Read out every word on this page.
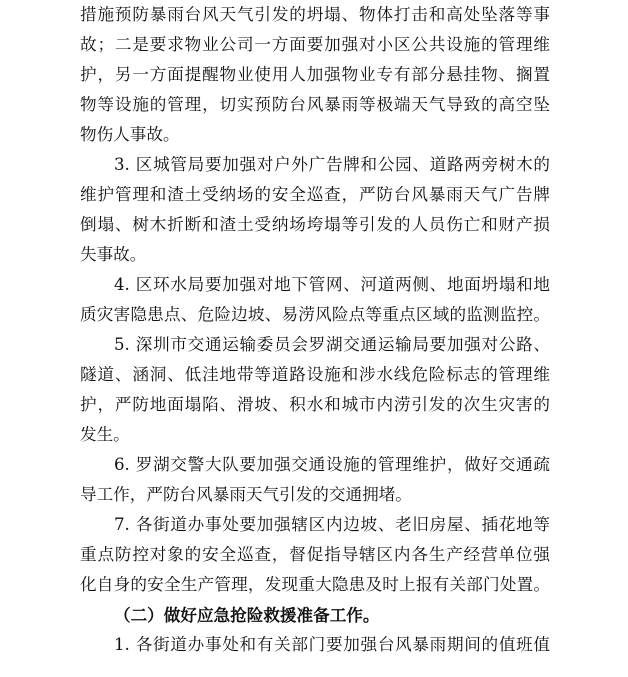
措施预防暴雨台风天气引发的坍塌、物体打击和高处坠落等事
故；二是要求物业公司一方面要加强对小区公共设施的管理维
护，另一方面提醒物业使用人加强物业专有部分悬挂物、搁置
物等设施的管理，切实预防台风暴雨等极端天气导致的高空坠
物伤人事故。
3. 区城管局要加强对户外广告牌和公园、道路两旁树木的
维护管理和渣土受纳场的安全巡查，严防台风暴雨天气广告牌
倒塌、树木折断和渣土受纳场垮塌等引发的人员伤亡和财产损
失事故。
4. 区环水局要加强对地下管网、河道两侧、地面坍塌和地
质灾害隐患点、危险边坡、易涝风险点等重点区域的监测监控。
5. 深圳市交通运输委员会罗湖交通运输局要加强对公路、
隧道、涵洞、低洼地带等道路设施和涉水线危险标志的管理维
护，严防地面塌陷、滑坡、积水和城市内涝引发的次生灾害的
发生。
6. 罗湖交警大队要加强交通设施的管理维护，做好交通疏
导工作，严防台风暴雨天气引发的交通拥堵。
7. 各街道办事处要加强辖区内边坡、老旧房屋、插花地等
重点防控对象的安全巡查，督促指导辖区内各生产经营单位强
化自身的安全生产管理，发现重大隐患及时上报有关部门处置。
（二）做好应急抢险救援准备工作。
1. 各街道办事处和有关部门要加强台风暴雨期间的值班值
